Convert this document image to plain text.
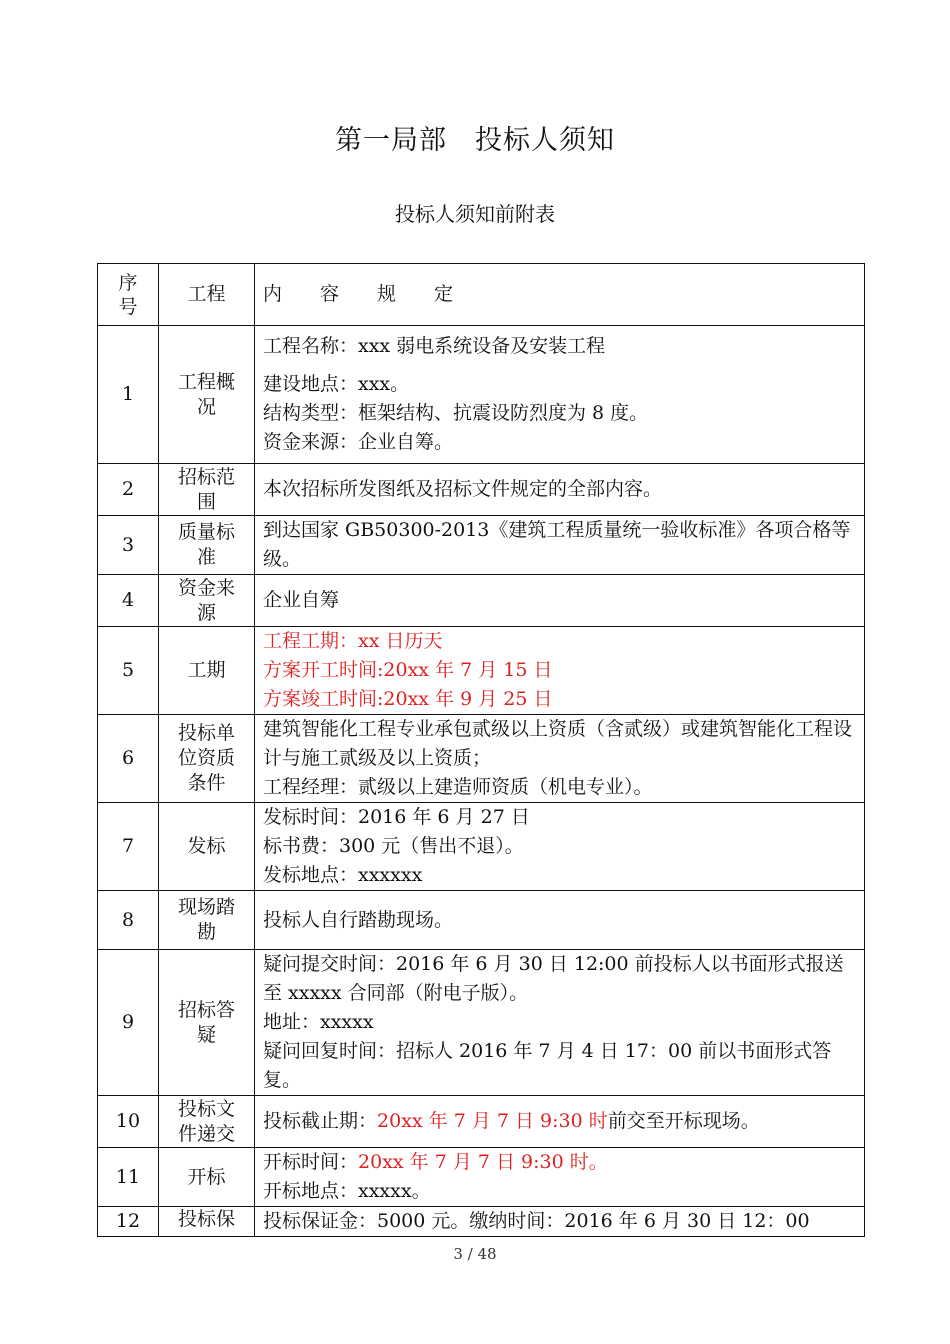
第一局部　投标人须知
投标人须知前附表
序号	工程	内容规定
1	工程概况	工程名称：xxx 弱电系统设备及安装工程
建设地点：xxx。
结构类型：框架结构、抗震设防烈度为 8 度。
资金来源：企业自筹。

2	招标范围	本次招标所发图纸及招标文件规定的全部内容。

3	质量标准	到达国家 GB50300-2013《建筑工程质量统一验收标准》各项合格等级。

4	资金来源	企业自筹

5	工期	工程工期：xx 日历天
方案开工时间:20xx 年 7 月 15 日
方案竣工时间:20xx 年 9 月 25 日

6	投标单位资质条件	建筑智能化工程专业承包贰级以上资质（含贰级）或建筑智能化工程设计与施工贰级及以上资质；
工程经理：贰级以上建造师资质（机电专业）。

7	发标	发标时间：2016 年 6 月 27 日
标书费：300 元（售出不退）。
发标地点：xxxxxx

8	现场踏勘	投标人自行踏勘现场。

9	招标答疑	疑问提交时间：2016 年 6 月 30 日 12:00 前投标人以书面形式报送至 xxxxx 合同部（附电子版）。
地址：xxxxx
疑问回复时间：招标人 2016 年 7 月 4 日 17：00 前以书面形式答复。

10	投标文件递交	投标截止期：20xx 年 7 月 7 日 9:30 时前交至开标现场。

11	开标	开标时间：20xx 年 7 月 7 日 9:30 时。
开标地点：xxxxx。

12	投标保	投标保证金：5000 元。缴纳时间：2016 年 6 月 30 日 12：00
3 / 48
